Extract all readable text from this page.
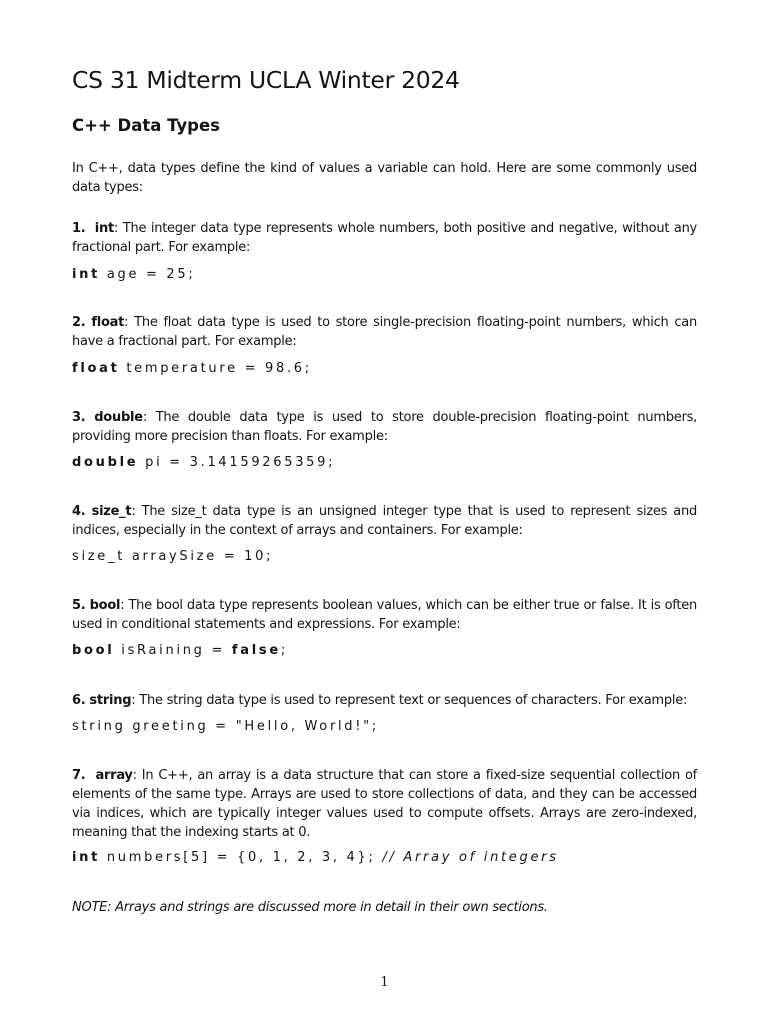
CS 31 Midterm UCLA Winter 2024
C++ Data Types

In C++, data types define the kind of values a variable can hold. Here are some commonly used data types:

1. int: The integer data type represents whole numbers, both positive and negative, without any fractional part. For example:

int age = 25;

2. float: The float data type is used to store single-precision floating-point numbers, which can have a fractional part. For example:

float temperature = 98.6;

3. double: The double data type is used to store double-precision floating-point numbers, providing more precision than floats. For example:

double pi = 3.14159265359;

4. size_t: The size_t data type is an unsigned integer type that is used to represent sizes and indices, especially in the context of arrays and containers. For example:

size_t arraySize = 10;

5. bool: The bool data type represents boolean values, which can be either true or false. It is often used in conditional statements and expressions. For example:

bool isRaining = false;

6. string: The string data type is used to represent text or sequences of characters. For example:

string greeting = "Hello, World!";

7. array: In C++, an array is a data structure that can store a fixed-size sequential collection of elements of the same type. Arrays are used to store collections of data, and they can be accessed via indices, which are typically integer values used to compute offsets. Arrays are zero-indexed, meaning that the indexing starts at 0.

int numbers[5] = {0, 1, 2, 3, 4}; // Array of integers

NOTE: Arrays and strings are discussed more in detail in their own sections.

1
